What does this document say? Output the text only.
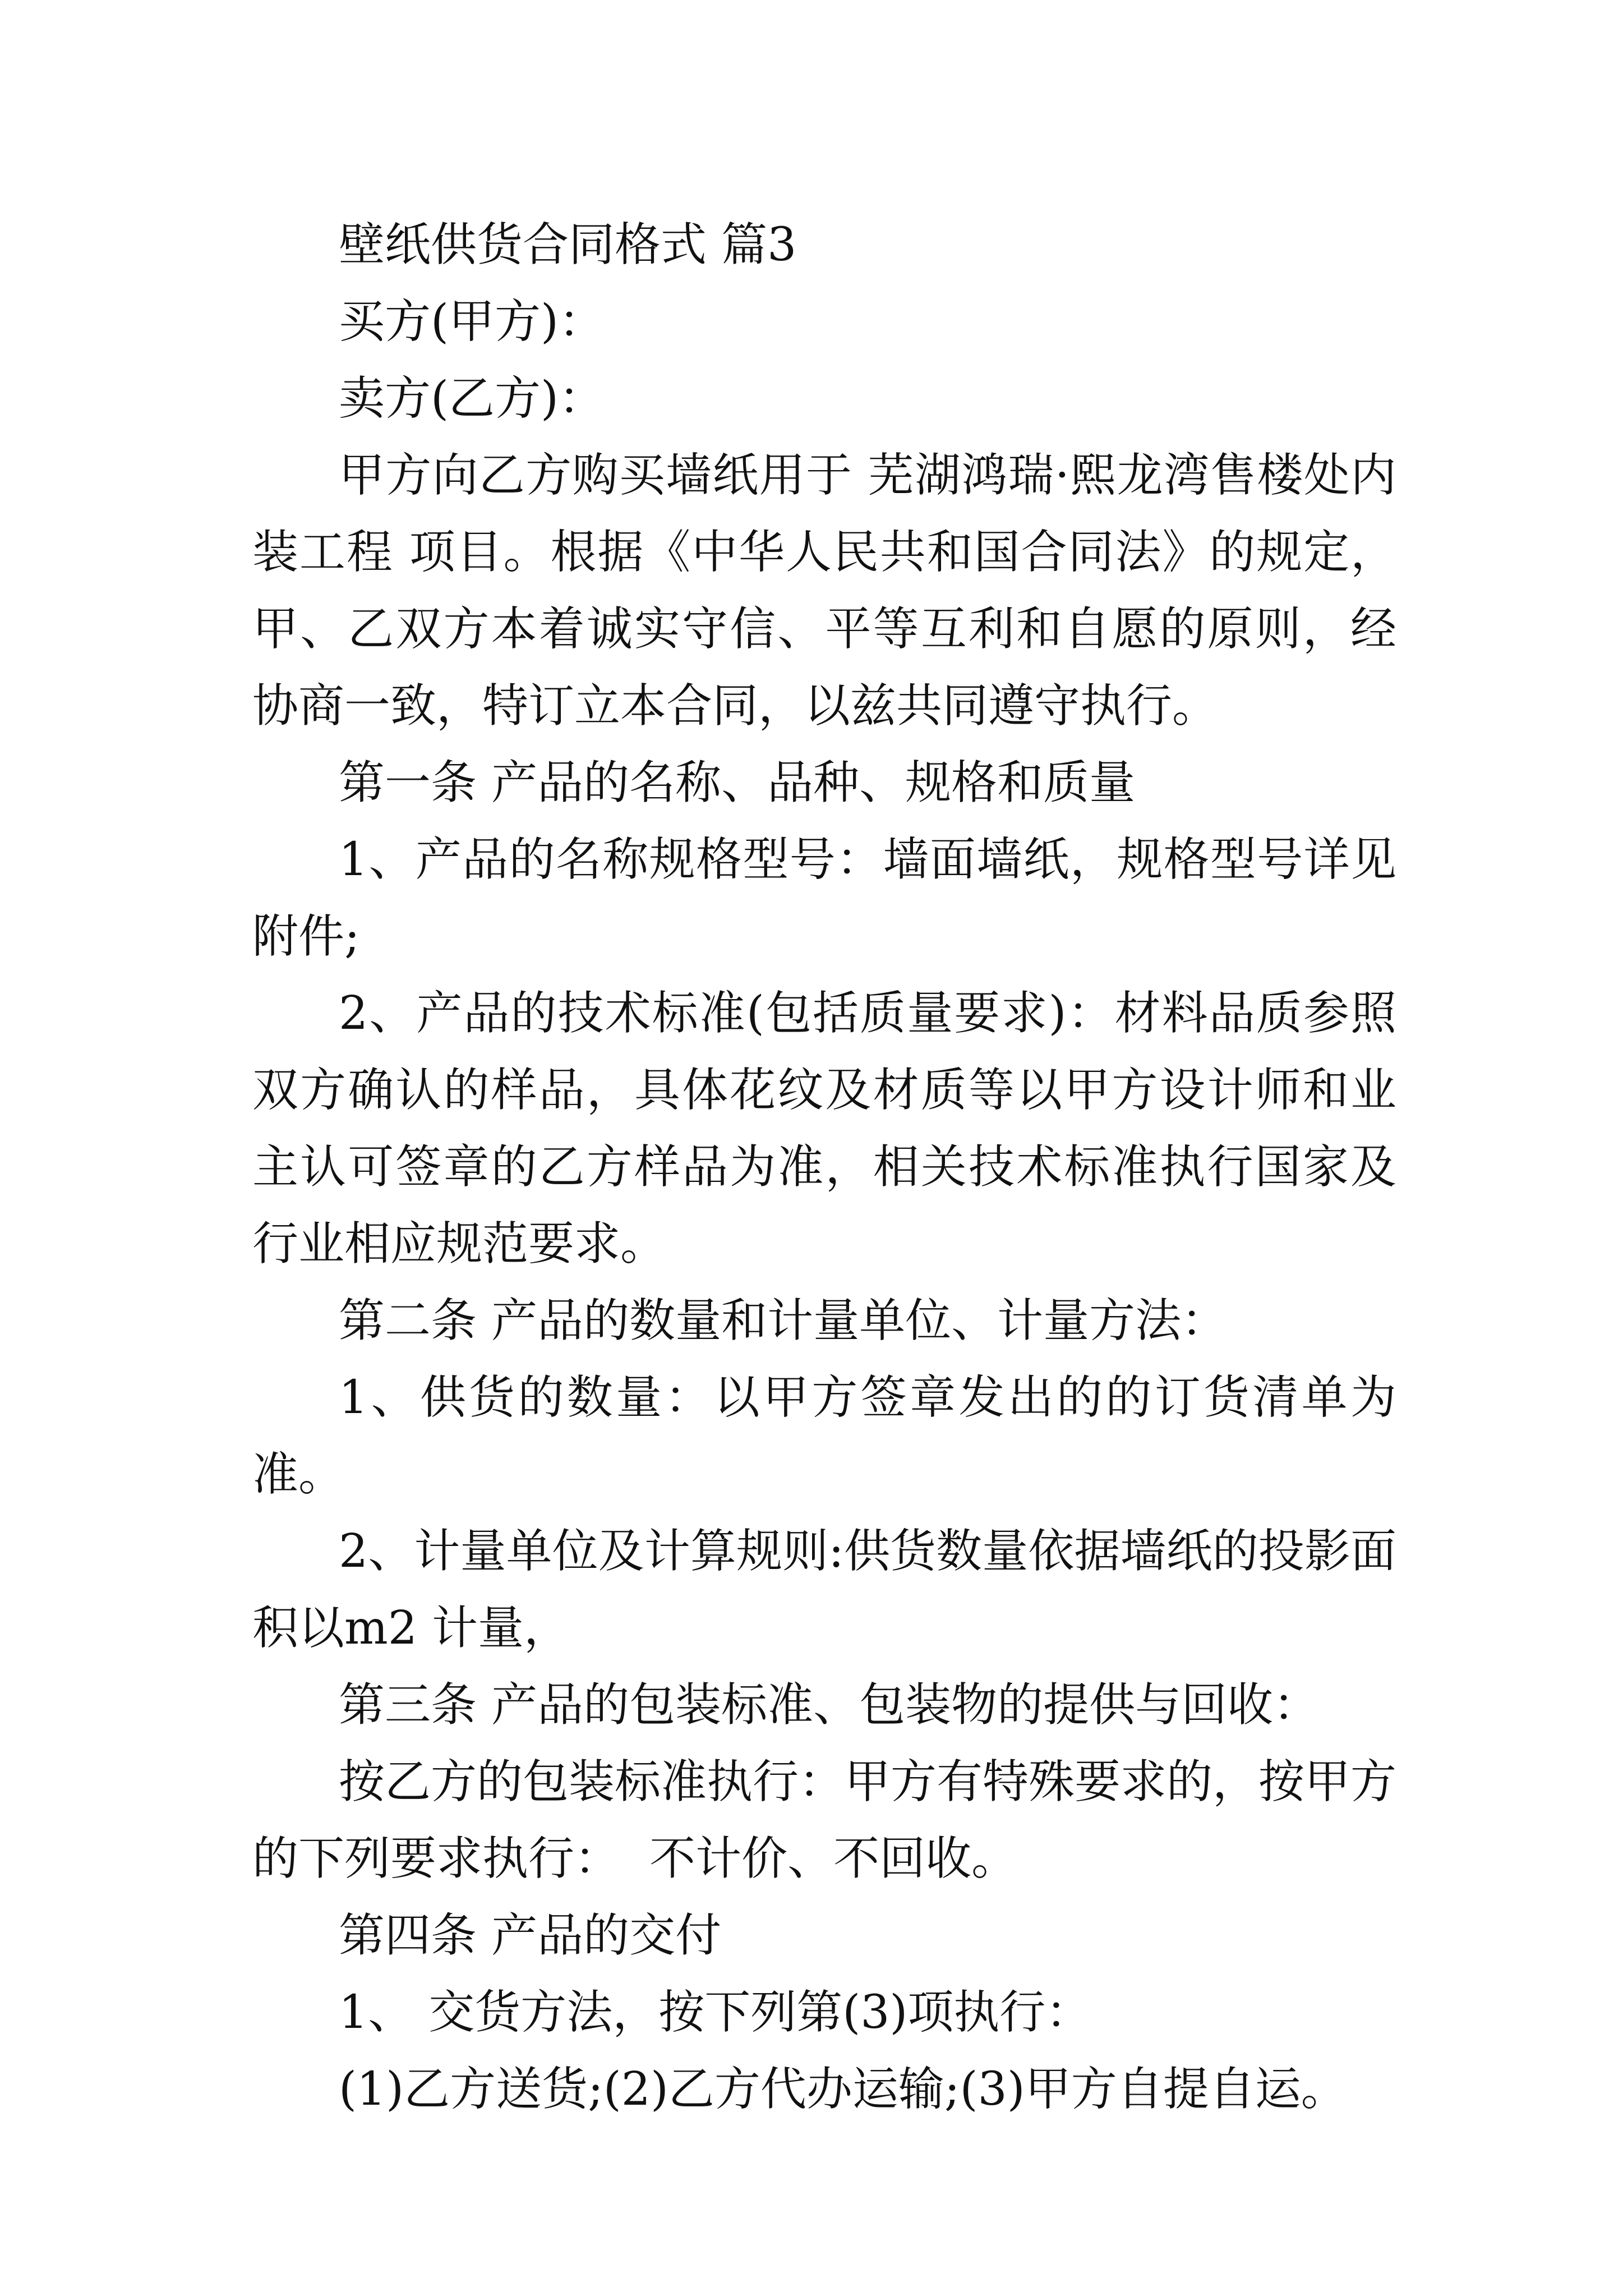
壁纸供货合同格式 篇3

买方(甲方)：

卖方(乙方)：

甲方向乙方购买墙纸用于 芜湖鸿瑞·熙龙湾售楼处内装工程 项目。根据《中华人民共和国合同法》的规定，甲、乙双方本着诚实守信、平等互利和自愿的原则，经协商一致，特订立本合同，以兹共同遵守执行。

第一条 产品的名称、品种、规格和质量

1、产品的名称规格型号：墙面墙纸，规格型号详见附件;

2、产品的技术标准(包括质量要求)：材料品质参照双方确认的样品，具体花纹及材质等以甲方设计师和业主认可签章的乙方样品为准，相关技术标准执行国家及行业相应规范要求。

第二条 产品的数量和计量单位、计量方法：

1、供货的数量：以甲方签章发出的的订货清单为准。

2、计量单位及计算规则:供货数量依据墙纸的投影面积以m2 计量，

第三条 产品的包装标准、包装物的提供与回收：

按乙方的包装标准执行：甲方有特殊要求的，按甲方的下列要求执行：  不计价、不回收。

第四条 产品的交付

1、 交货方法，按下列第(3)项执行：

(1)乙方送货;(2)乙方代办运输;(3)甲方自提自运。
